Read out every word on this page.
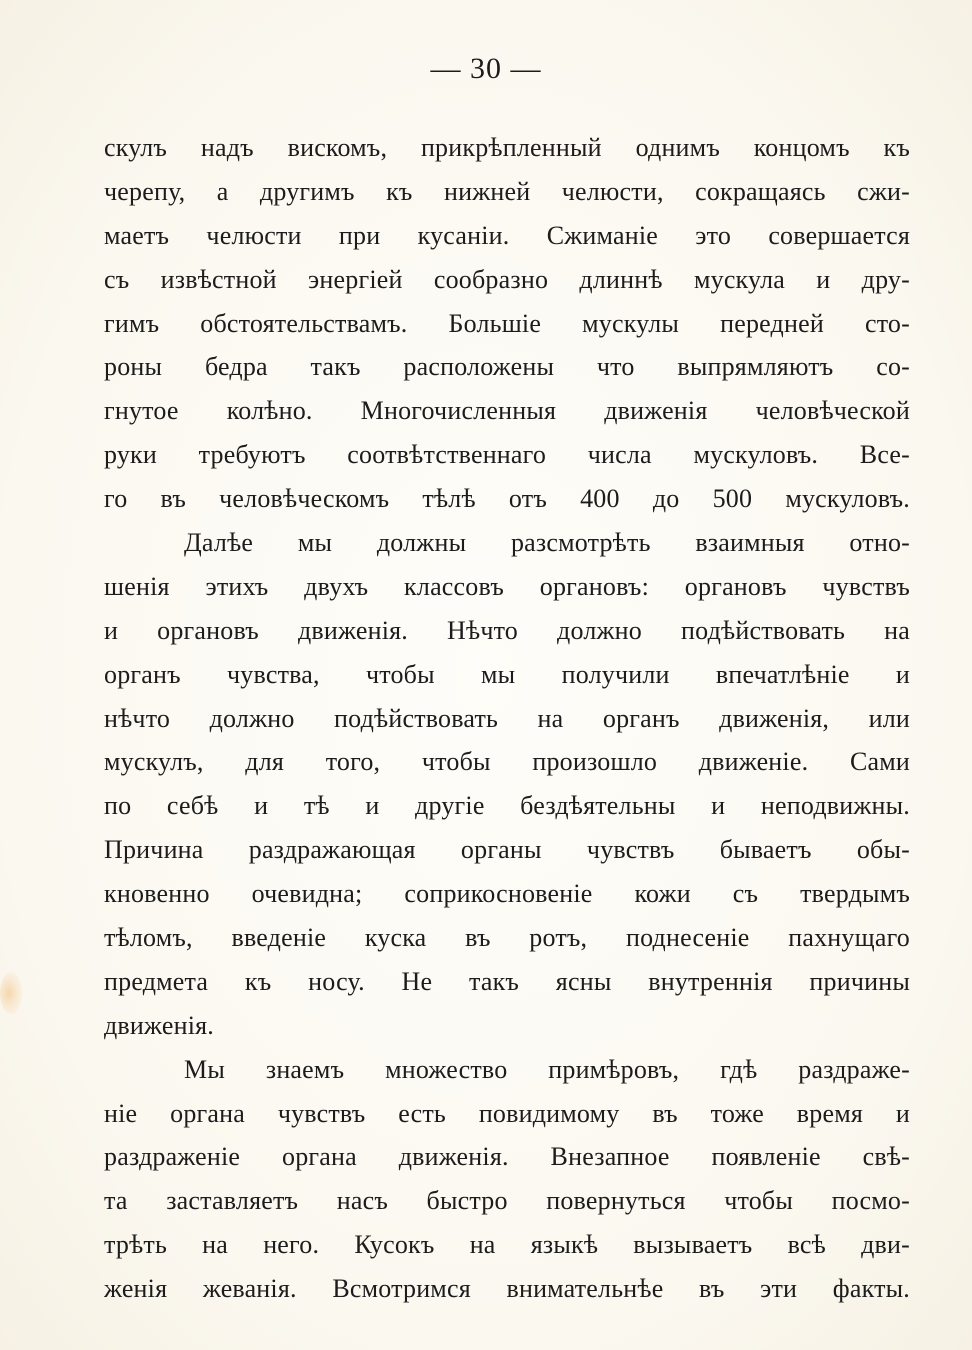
— 30 —
скулъ надъ вискомъ, прикрѣпленный однимъ концомъ къ
черепу, а другимъ къ нижней челюсти, сокращаясь сжи-
маетъ челюсти при кусаніи. Сжиманіе это совершается
съ извѣстной энергіей сообразно длиннѣ мускула и дру-
гимъ обстоятельствамъ. Большіе мускулы передней сто-
роны бедра такъ расположены что выпрямляютъ со-
гнутое колѣно. Многочисленныя движенія человѣческой
руки требуютъ соотвѣтственнаго числа мускуловъ. Все-
го въ человѣческомъ тѣлѣ отъ 400 до 500 мускуловъ.
Далѣе мы должны разсмотрѣть взаимныя отно-
шенія этихъ двухъ классовъ органовъ: органовъ чувствъ
и органовъ движенія. Нѣчто должно подѣйствовать на
органъ чувства, чтобы мы получили впечатлѣніе и
нѣчто должно подѣйствовать на органъ движенія, или
мускулъ, для того, чтобы произошло движеніе. Сами
по себѣ и тѣ и другіе бездѣятельны и неподвижны.
Причина раздражающая органы чувствъ бываетъ обы-
кновенно очевидна; соприкосновеніе кожи съ твердымъ
тѣломъ, введеніе куска въ ротъ, поднесеніе пахнущаго
предмета къ носу. Не такъ ясны внутреннія причины
движенія.
Мы знаемъ множество примѣровъ, гдѣ раздраже-
ніе органа чувствъ есть повидимому въ тоже время и
раздраженіе органа движенія. Внезапное появленіе свѣ-
та заставляетъ насъ быстро повернуться чтобы посмо-
трѣть на него. Кусокъ на языкѣ вызываетъ всѣ дви-
женія жеванія. Всмотримся внимательнѣе въ эти факты.
